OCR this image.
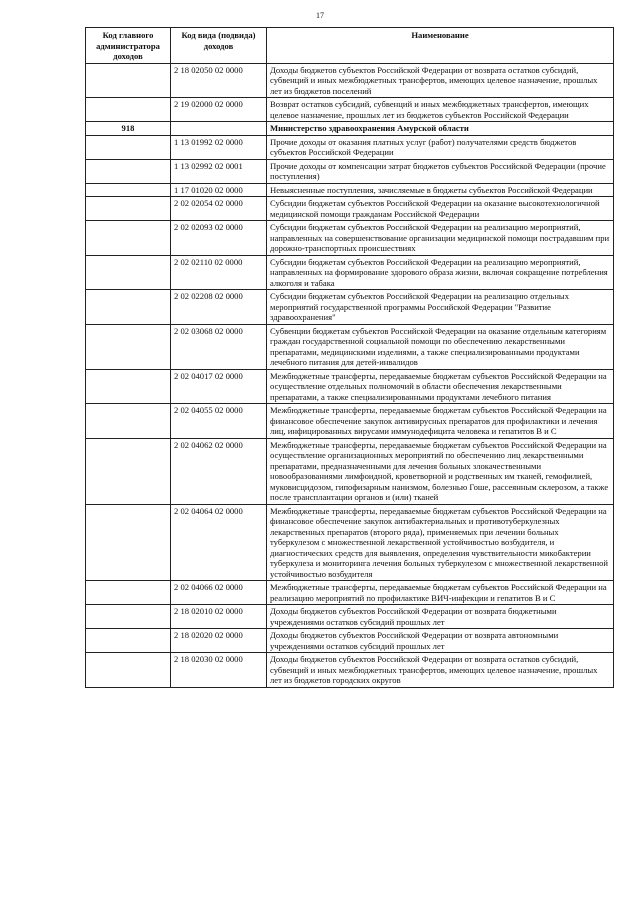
17
Код главного администратора доходов	Код вида (подвида) доходов	Наименование
	2 18 02050 02 0000	Доходы бюджетов субъектов Российской Федерации от возврата остатков субсидий, субвенций и иных межбюджетных трансфертов, имеющих целевое назначение, прошлых лет из бюджетов поселений
	2 19 02000 02 0000	Возврат остатков субсидий, субвенций и иных межбюджетных трансфертов, имеющих целевое назначение, прошлых лет из бюджетов субъектов Российской Федерации
918		Министерство здравоохранения Амурской области
	1 13 01992 02 0000	Прочие доходы от оказания платных услуг (работ) получателями средств бюджетов субъектов Российской Федерации
	1 13 02992 02 0001	Прочие доходы от компенсации затрат бюджетов субъектов Российской Федерации (прочие поступления)
	1 17 01020 02 0000	Невыясненные поступления, зачисляемые в бюджеты субъектов Российской Федерации
	2 02 02054 02 0000	Субсидии бюджетам субъектов Российской Федерации на оказание высокотехнологичной медицинской помощи гражданам Российской Федерации
	2 02 02093 02 0000	Субсидии бюджетам субъектов Российской Федерации на реализацию мероприятий, направленных на совершенствование организации медицинской помощи пострадавшим при дорожно-транспортных происшествиях
	2 02 02110 02 0000	Субсидии бюджетам субъектов Российской Федерации на реализацию мероприятий, направленных на формирование здорового образа жизни, включая сокращение потребления алкоголя и табака
	2 02 02208 02 0000	Субсидии бюджетам субъектов Российской Федерации на реализацию отдельных мероприятий государственной программы Российской Федерации "Развитие здравоохранения"
	2 02 03068 02 0000	Субвенции бюджетам субъектов Российской Федерации на оказание отдельным категориям граждан государственной социальной помощи по обеспечению лекарственными препаратами, медицинскими изделиями, а также специализированными продуктами лечебного питания для детей-инвалидов
	2 02 04017 02 0000	Межбюджетные трансферты, передаваемые бюджетам субъектов Российской Федерации на осуществление отдельных полномочий в области обеспечения лекарственными препаратами, а также специализированными продуктами лечебного питания
	2 02 04055 02 0000	Межбюджетные трансферты, передаваемые бюджетам субъектов Российской Федерации на финансовое обеспечение закупок антивирусных препаратов для профилактики и лечения лиц, инфицированных вирусами иммунодефицита человека и гепатитов В и С
	2 02 04062 02 0000	Межбюджетные трансферты, передаваемые бюджетам субъектов Российской Федерации на осуществление организационных мероприятий по обеспечению лиц лекарственными препаратами, предназначенными для лечения больных злокачественными новообразованиями лимфоидной, кроветворной и родственных им тканей, гемофилией, муковисцидозом, гипофизарным нанизмом, болезнью Гоше, рассеянным склерозом, а также после трансплантации органов и (или) тканей
	2 02 04064 02 0000	Межбюджетные трансферты, передаваемые бюджетам субъектов Российской Федерации на финансовое обеспечение закупок антибактериальных и противотуберкулезных лекарственных препаратов (второго ряда), применяемых при лечении больных туберкулезом с множественной лекарственной устойчивостью возбудителя, и диагностических средств для выявления, определения чувствительности микобактерии туберкулеза и мониторинга лечения больных туберкулезом с множественной лекарственной устойчивостью возбудителя
	2 02 04066 02 0000	Межбюджетные трансферты, передаваемые бюджетам субъектов Российской Федерации на реализацию мероприятий по профилактике ВИЧ-инфекции и гепатитов В и С
	2 18 02010 02 0000	Доходы бюджетов субъектов Российской Федерации от возврата бюджетными учреждениями остатков субсидий прошлых лет
	2 18 02020 02 0000	Доходы бюджетов субъектов Российской Федерации от возврата автономными учреждениями остатков субсидий прошлых лет
	2 18 02030 02 0000	Доходы бюджетов субъектов Российской Федерации от возврата остатков субсидий, субвенций и иных межбюджетных трансфертов, имеющих целевое назначение, прошлых лет из бюджетов городских округов
